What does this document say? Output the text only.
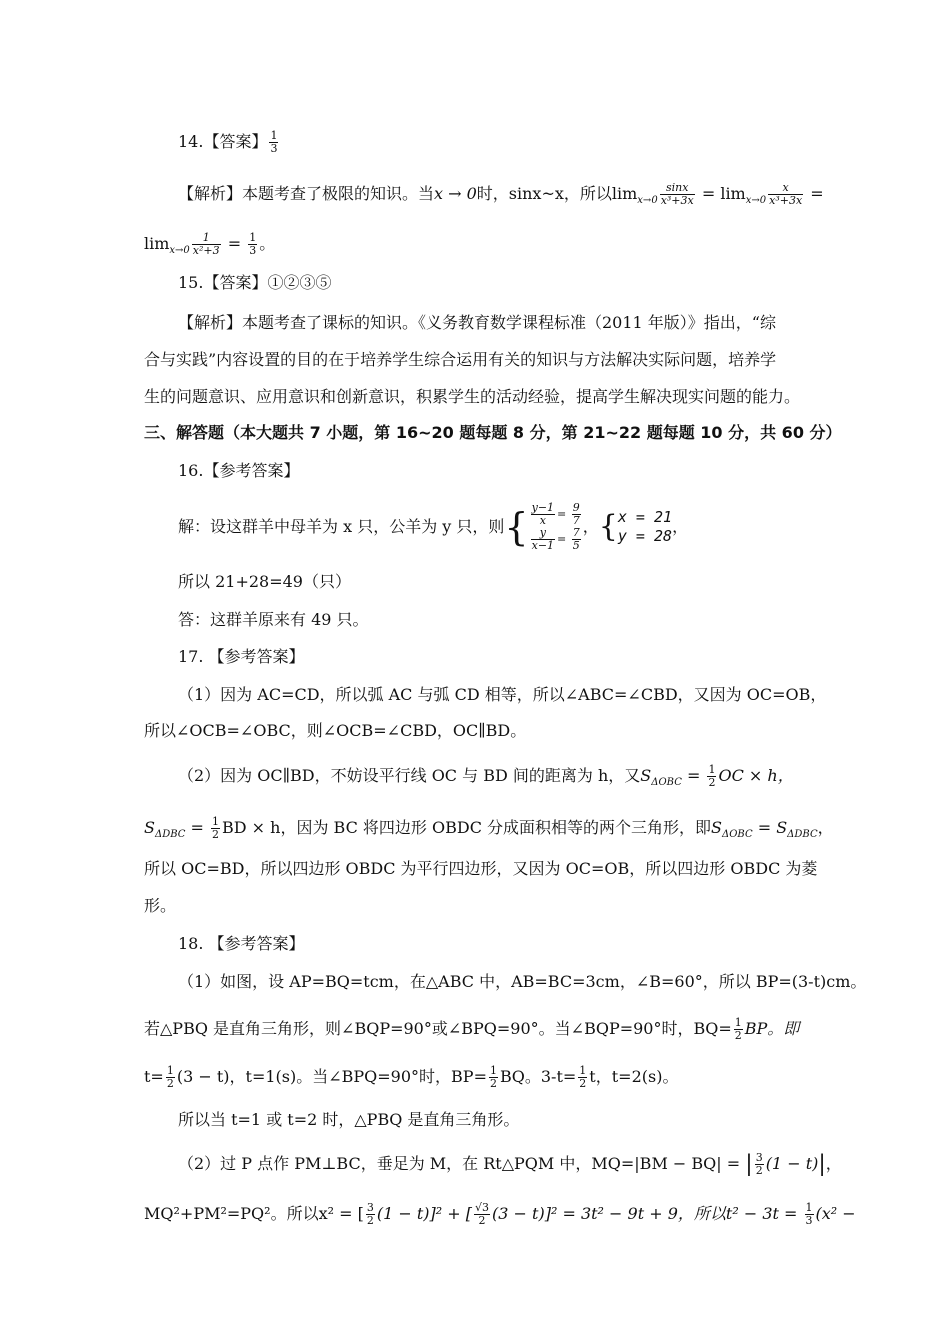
14.【答案】 $\frac{1}{3}$
【解析】本题考查了极限的知识。当x → 0时，sinx~x，所以$\lim_{x\to 0} \frac{\sin x}{\text{x³+3x}} = \lim_{x\to 0} \frac{x}{\text{x³+3x}}$ =
$\lim_{x\to 0} \frac{1}{\text{x²+3}} = \frac{1}{3}$ 。
15.【答案】①②③⑤
【解析】本题考查了课标的知识。《义务教育数学课程标准（2011 年版）》指出，“综
合与实践”内容设置的目的在于培养学生综合运用有关的知识与方法解决实际问题，培养学
生的问题意识、应用意识和创新意识，积累学生的活动经验，提高学生解决现实问题的能力。
三、解答题（本大题共 7 小题，第 16~20 题每题 8 分，第 21~22 题每题 10 分，共 60 分）
16.【参考答案】
解：设这群羊中母羊为 x 只，公羊为 y 只，则 { $\frac{y-1}{x} = \frac{9}{7}$
$\frac{y}{x-1} = \frac{7}{5}$
， { x = 21
y = 28 ，
所以 21+28=49（只）
答：这群羊原来有 49 只。
17. 【参考答案】
（1）因为 AC=CD，所以弧 AC 与弧 CD 相等，所以∠ABC=∠CBD，又因为 OC=OB，
所以∠OCB=∠OBC，则∠OCB=∠CBD，OC∥BD。
（2）因为 OC∥BD，不妨设平行线 OC 与 BD 间的距离为 h，又$S_{\Delta OBC} = \frac{1}{2}$ OC × h，
$S_{\Delta DBC} = \frac{1}{2}$ BD × h，因为 BC 将四边形 OBDC 分成面积相等的两个三角形，即$S_{\Delta OBC} = S_{\Delta DBC}$，
所以 OC=BD，所以四边形 OBDC 为平行四边形，又因为 OC=OB，所以四边形 OBDC 为菱
形。
18. 【参考答案】
（1）如图，设 AP=BQ=tcm，在△ABC 中，AB=BC=3cm，∠B=60°，所以 BP=(3-t)cm。
若△PBQ 是直角三角形，则∠BQP=90°或∠BPQ=90°。当∠BQP=90°时，$BQ= \frac{1}{2}$ BP。即
$t= \frac{1}{2} (3 - t)$，t=1(s)。当∠BPQ=90°时，$BP= \frac{1}{2}$ BQ。$3-t= \frac{1}{2}$ t，t=2(s)。
所以当 t=1 或 t=2 时，△PBQ 是直角三角形。
（2）过 P 点作 PM⊥BC，垂足为 M，在 Rt△PQM 中，MQ=|BM − BQ| = | $\frac{3}{2} (1 - t)|$，
MQ²+PM²=PQ²。所以x² = [ $\frac{3}{2} (1 - t)]^2$ + [ $\frac{√3}{2} (3 - t)]^2 = 3t^2 - 9t + 9$，所以$t^2 - 3t = \frac{1}{3} (x^2$ −
